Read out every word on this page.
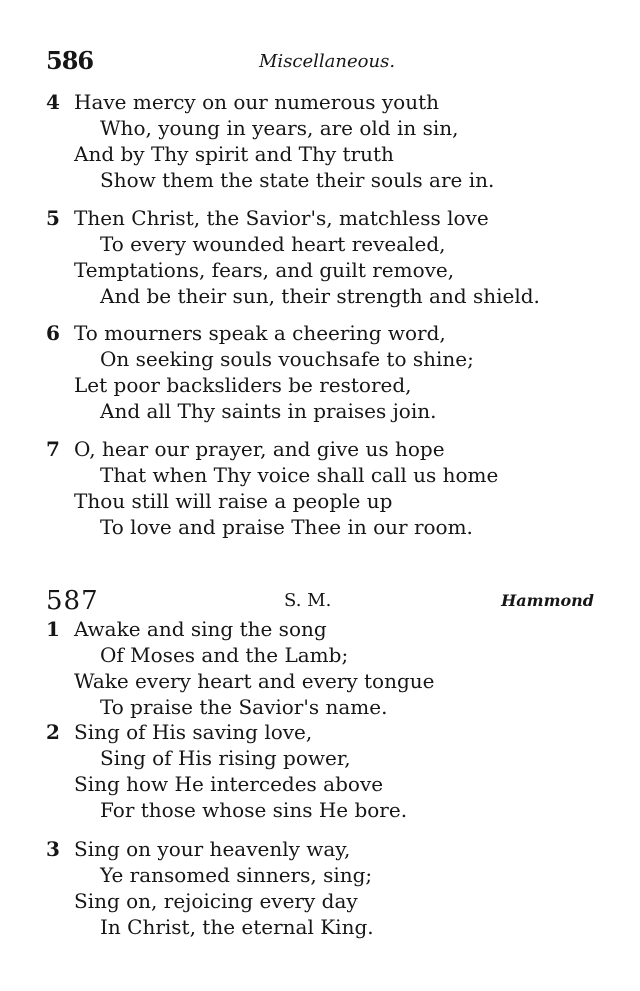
586	Miscellaneous.
4 Have mercy on our numerous youth
Who, young in years, are old in sin,
And by Thy spirit and Thy truth
Show them the state their souls are in.
5 Then Christ, the Savior's, matchless love
To every wounded heart revealed,
Temptations, fears, and guilt remove,
And be their sun, their strength and shield.
6 To mourners speak a cheering word,
On seeking souls vouchsafe to shine;
Let poor backsliders be restored,
And all Thy saints in praises join.
7 O, hear our prayer, and give us hope
That when Thy voice shall call us home
Thou still will raise a people up
To love and praise Thee in our room.
587	S. M.	Hammond
1 Awake and sing the song
Of Moses and the Lamb;
Wake every heart and every tongue
To praise the Savior's name.
2 Sing of His saving love,
Sing of His rising power,
Sing how He intercedes above
For those whose sins He bore.
3 Sing on your heavenly way,
Ye ransomed sinners, sing;
Sing on, rejoicing every day
In Christ, the eternal King.
